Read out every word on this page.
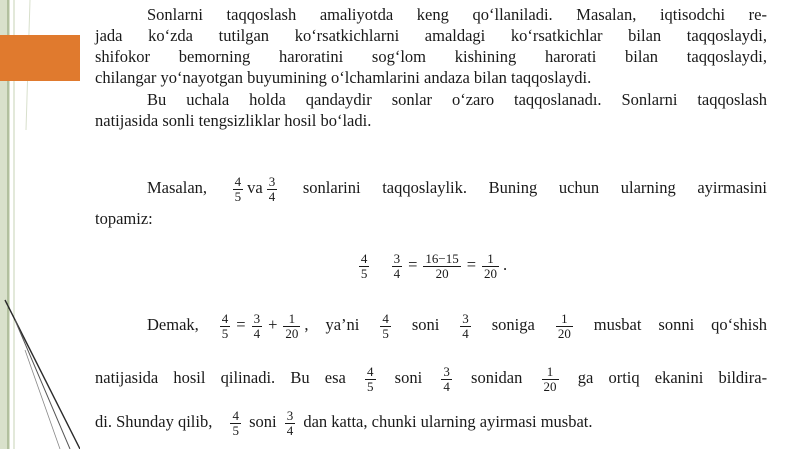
Sonlarni taqqoslash amaliyotda keng qo‘llaniladi. Masalan, iqtisodchi re-
jada ko‘zda tutilgan ko‘rsatkichlarni amaldagi ko‘rsatkichlar bilan taqqoslaydi,
shifokor bemorning haroratini sog‘lom kishining harorati bilan taqqoslaydi,
chilangar yo‘nayotgan buyumining o‘lchamlarini andaza bilan taqqoslaydi.
Bu uchala holda qandaydir sonlar o‘zaro taqqoslanadı. Sonlarni taqqoslash
natijasida sonli tengsizliklar hosil bo‘ladi.
Masalan, $\frac{4}{5}$ va $\frac{3}{4}$ sonlarini taqqoslaylik. Buning uchun ularning ayirmasini
topamiz:
$\frac{4}{5}$
$\frac{3}{4} = \frac{16-15}{20} = \frac{1}{20}$ .
Demak, $\frac{4}{5} = \frac{3}{4} + \frac{1}{20}$ , ya’ni $\frac{4}{5}$ soni $\frac{3}{4}$ soniga $\frac{1}{20}$ musbat sonni qo‘shish
natijasida hosil qilinadi. Bu esa $\frac{4}{5}$ soni $\frac{3}{4}$ sonidan $\frac{1}{20}$ ga ortiq ekanini bildira-
di. Shunday qilib, $\frac{4}{5}$ soni $\frac{3}{4}$ dan katta, chunki ularning ayirmasi musbat.
